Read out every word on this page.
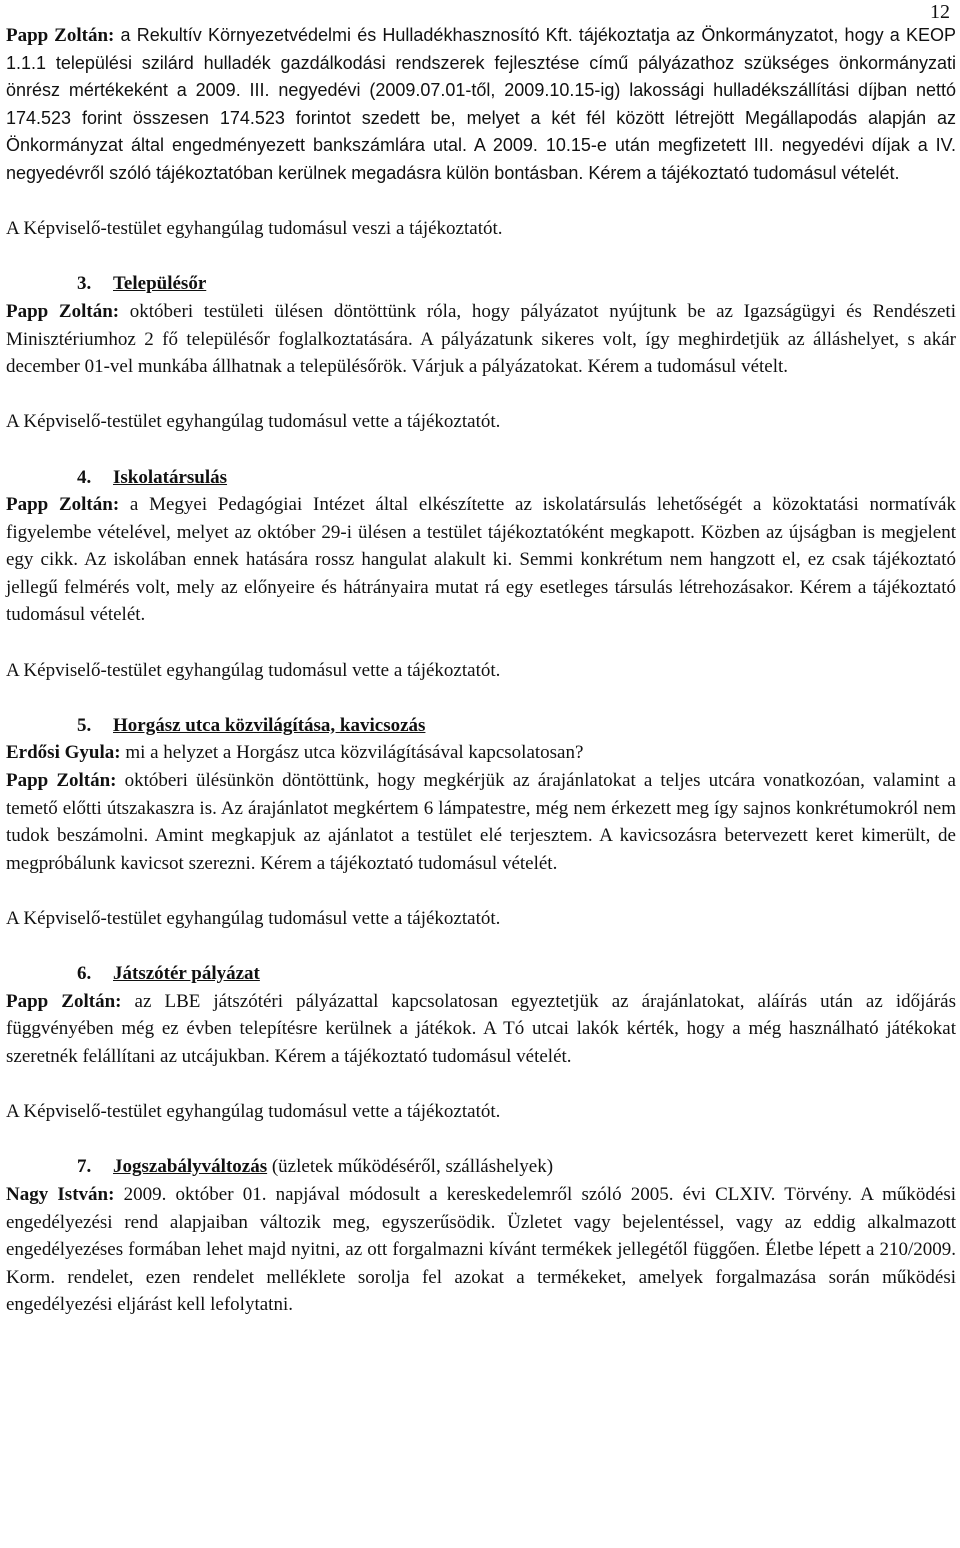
12

Papp Zoltán: a Rekultív Környezetvédelmi és Hulladékhasznosító Kft. tájékoztatja az Önkormányzatot, hogy a KEOP 1.1.1 települési szilárd hulladék gazdálkodási rendszerek fejlesztése című pályázathoz szükséges önkormányzati önrész mértékeként a 2009. III. negyedévi (2009.07.01-től, 2009.10.15-ig) lakossági hulladékszállítási díjban nettó 174.523 forint összesen 174.523 forintot szedett be, melyet a két fél között létrejött Megállapodás alapján az Önkormányzat által engedményezett bankszámlára utal. A 2009. 10.15-e után megfizetett III. negyedévi díjak a IV. negyedévről szóló tájékoztatóban kerülnek megadásra külön bontásban. Kérem a tájékoztató tudomásul vételét.

A Képviselő-testület egyhangúlag tudomásul veszi a tájékoztatót.

3. Településőr

Papp Zoltán: októberi testületi ülésen döntöttünk róla, hogy pályázatot nyújtunk be az Igazságügyi és Rendészeti Minisztériumhoz 2 fő településőr foglalkoztatására. A pályázatunk sikeres volt, így meghirdetjük az álláshelyet, s akár december 01-vel munkába állhatnak a településőrök. Várjuk a pályázatokat. Kérem a tudomásul vételt.

A Képviselő-testület egyhangúlag tudomásul vette a tájékoztatót.

4. Iskolatársulás

Papp Zoltán: a Megyei Pedagógiai Intézet által elkészítette az iskolatársulás lehetőségét a közoktatási normatívák figyelembe vételével, melyet az október 29-i ülésen a testület tájékoztatóként megkapott. Közben az újságban is megjelent egy cikk. Az iskolában ennek hatására rossz hangulat alakult ki. Semmi konkrétum nem hangzott el, ez csak tájékoztató jellegű felmérés volt, mely az előnyeire és hátrányaira mutat rá egy esetleges társulás létrehozásakor. Kérem a tájékoztató tudomásul vételét.

A Képviselő-testület egyhangúlag tudomásul vette a tájékoztatót.

5. Horgász utca közvilágítása, kavicsozás

Erdősi Gyula: mi a helyzet a Horgász utca közvilágításával kapcsolatosan?

Papp Zoltán: októberi ülésünkön döntöttünk, hogy megkérjük az árajánlatokat a teljes utcára vonatkozóan, valamint a temető előtti útszakaszra is. Az árajánlatot megkértem 6 lámpatestre, még nem érkezett meg így sajnos konkrétumokról nem tudok beszámolni. Amint megkapjuk az ajánlatot a testület elé terjesztem. A kavicsozásra betervezett keret kimerült, de megpróbálunk kavicsot szerezni. Kérem a tájékoztató tudomásul vételét.

A Képviselő-testület egyhangúlag tudomásul vette a tájékoztatót.

6. Játszótér pályázat

Papp Zoltán: az LBE játszótéri pályázattal kapcsolatosan egyeztetjük az árajánlatokat, aláírás után az időjárás függvényében még ez évben telepítésre kerülnek a játékok. A Tó utcai lakók kérték, hogy a még használható játékokat szeretnék felállítani az utcájukban. Kérem a tájékoztató tudomásul vételét.

A Képviselő-testület egyhangúlag tudomásul vette a tájékoztatót.

7. Jogszabályváltozás (üzletek működéséről, szálláshelyek)

Nagy István: 2009. október 01. napjával módosult a kereskedelemről szóló 2005. évi CLXIV. Törvény. A működési engedélyezési rend alapjaiban változik meg, egyszerűsödik. Üzletet vagy bejelentéssel, vagy az eddig alkalmazott engedélyezéses formában lehet majd nyitni, az ott forgalmazni kívánt termékek jellegétől függően. Életbe lépett a 210/2009. Korm. rendelet, ezen rendelet melléklete sorolja fel azokat a termékeket, amelyek forgalmazása során működési engedélyezési eljárást kell lefolytatni.
